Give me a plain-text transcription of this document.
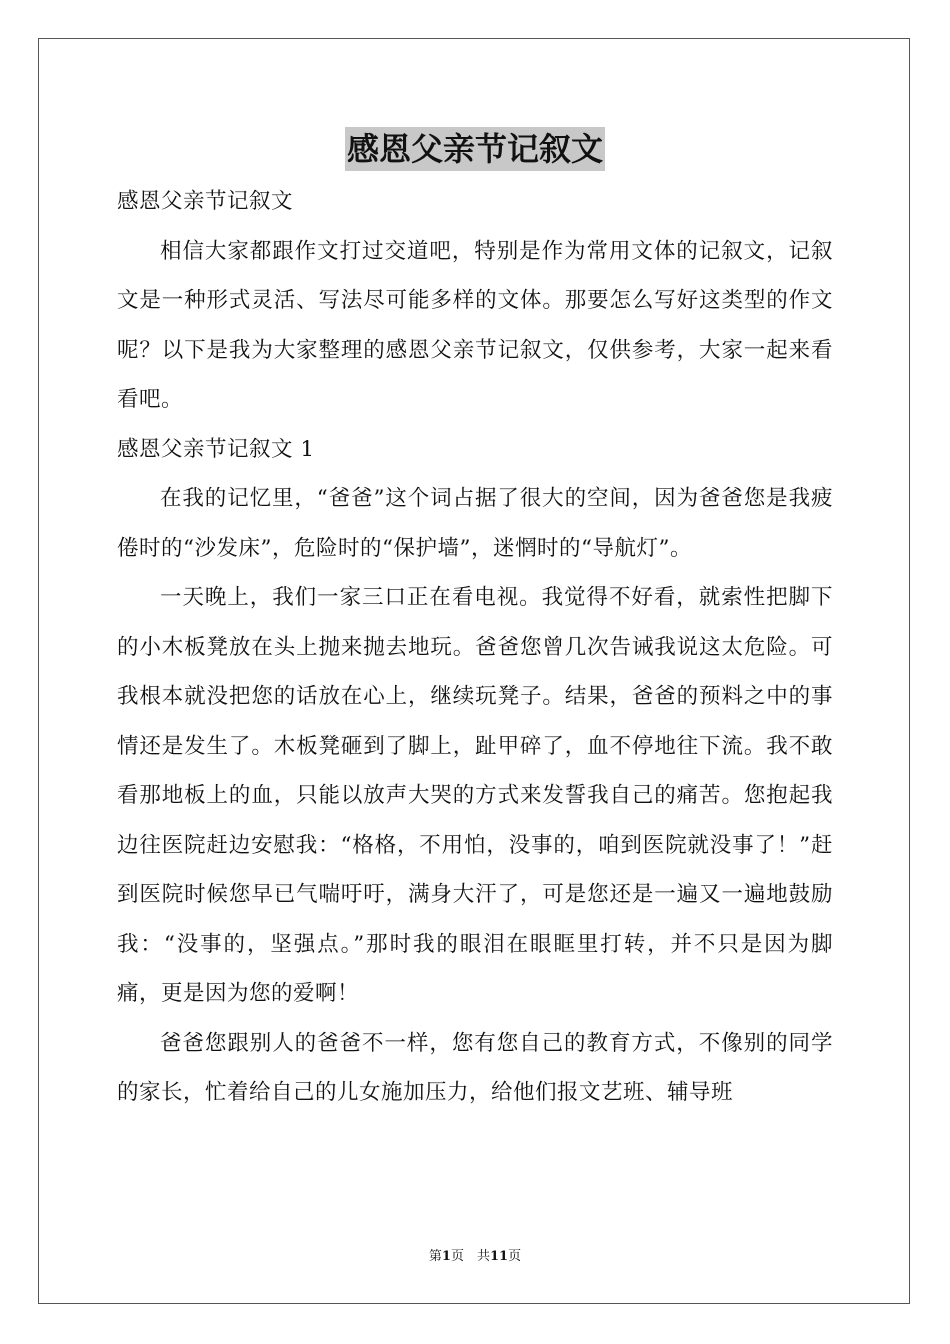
感恩父亲节记叙文

感恩父亲节记叙文

相信大家都跟作文打过交道吧，特别是作为常用文体的记叙文，记叙文是一种形式灵活、写法尽可能多样的文体。那要怎么写好这类型的作文呢？以下是我为大家整理的感恩父亲节记叙文，仅供参考，大家一起来看看吧。

感恩父亲节记叙文 1

在我的记忆里，“爸爸”这个词占据了很大的空间，因为爸爸您是我疲倦时的“沙发床”，危险时的“保护墙”，迷惘时的“导航灯”。

一天晚上，我们一家三口正在看电视。我觉得不好看，就索性把脚下的小木板凳放在头上抛来抛去地玩。爸爸您曾几次告诫我说这太危险。可我根本就没把您的话放在心上，继续玩凳子。结果，爸爸的预料之中的事情还是发生了。木板凳砸到了脚上，趾甲碎了，血不停地往下流。我不敢看那地板上的血，只能以放声大哭的方式来发誓我自己的痛苦。您抱起我边往医院赶边安慰我：“格格，不用怕，没事的，咱到医院就没事了！”赶到医院时候您早已气喘吁吁，满身大汗了，可是您还是一遍又一遍地鼓励我：“没事的，坚强点。”那时我的眼泪在眼眶里打转，并不只是因为脚痛，更是因为您的爱啊！

爸爸您跟别人的爸爸不一样，您有您自己的教育方式，不像别的同学的家长，忙着给自己的儿女施加压力，给他们报文艺班、辅导班

第1页　共11页
